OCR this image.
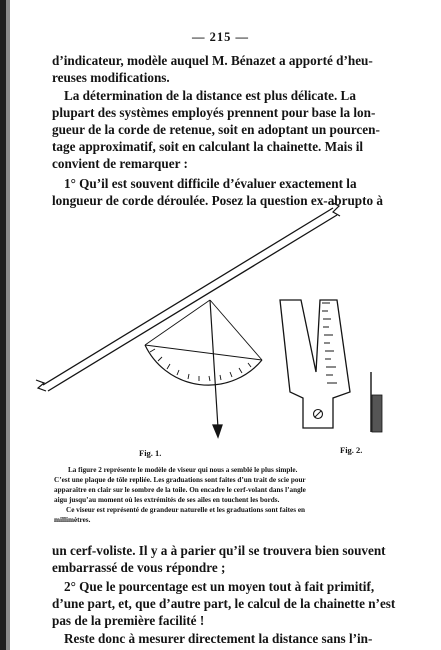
— 215 —
d’indicateur, modèle auquel M. Bénazet a apporté d’heu-
reuses modifications.
La détermination de la distance est plus délicate. La
plupart des systèmes employés prennent pour base la lon-
gueur de la corde de retenue, soit en adoptant un pourcen-
tage approximatif, soit en calculant la chainette. Mais il
convient de remarquer :
1° Qu’il est souvent difficile d’évaluer exactement la
longueur de corde déroulée. Posez la question ex-abrupto à
Fig. 1.	Fig. 2.
La figure 2 représente le modèle de viseur qui nous a semblé le plus simple.
C’est une plaque de tôle repliée. Les graduations sont faites d’un trait de scie pour
apparaître en clair sur le sombre de la toile. On encadre le cerf-volant dans l’angle
aigu jusqu’au moment où les extrémités de ses ailes en touchent les bords.
Ce viseur est représenté de grandeur naturelle et les graduations sont faites en
millimètres.
un cerf-voliste. Il y a à parier qu’il se trouvera bien souvent
embarrassé de vous répondre ;
2° Que le pourcentage est un moyen tout à fait primitif,
d’une part, et, que d’autre part, le calcul de la chainette n’est
pas de la première facilité !
Reste donc à mesurer directement la distance sans l’in-
